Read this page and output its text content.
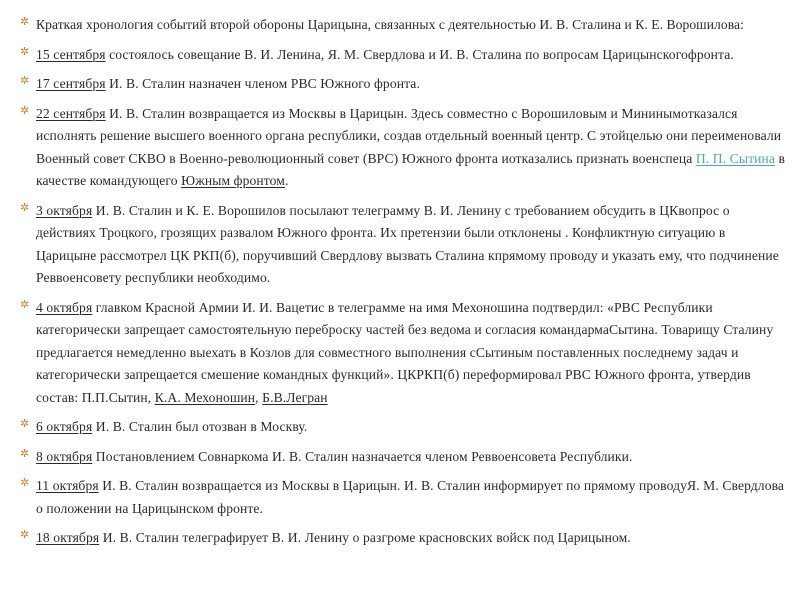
✲ Краткая хронология событий второй обороны Царицына, связанных с деятельностью И. В. Сталина и К. Е. Ворошилова:
✲ 15 сентября состоялось совещание В. И. Ленина, Я. М. Свердлова и И. В. Сталина по вопросам Царицынскогофронта.
✲ 17 сентября И. В. Сталин назначен членом РВС Южного фронта.
✲ 22 сентября И. В. Сталин возвращается из Москвы в Царицын. Здесь совместно с Ворошиловым и Мининымотказался исполнять решение высшего военного органа республики, создав отдельный военный центр. С этойцелью они переименовали Военный совет СКВО в Военно-революционный совет (ВРС) Южного фронта иотказались признать военспеца П. П. Сытина в качестве командующего Южным фронтом.
✲ 3 октября И. В. Сталин и К. Е. Ворошилов посылают телеграмму В. И. Ленину с требованием обсудить в ЦКвопрос о действиях Троцкого, грозящих развалом Южного фронта. Их претензии были отклонены . Конфликтную ситуацию в Царицыне рассмотрел ЦК РКП(б), поручивший Свердлову вызвать Сталина кпрямому проводу и указать ему, что подчинение Реввоенсовету республики необходимо.
✲ 4 октября главком Красной Армии И. И. Вацетис в телеграмме на имя Мехоношина подтвердил: «РВС Республики категорически запрещает самостоятельную переброску частей без ведома и согласия командармаСытина. Товарищу Сталину предлагается немедленно выехать в Козлов для совместного выполнения сСытиным поставленных последнему задач и категорически запрещается смешение командных функций». ЦКРКП(б) переформировал РВС Южного фронта, утвердив состав: П.П.Сытин, К.А. Мехоношин, Б.В.Легран
✲ 6 октября И. В. Сталин был отозван в Москву.
✲ 8 октября Постановлением Совнаркома И. В. Сталин назначается членом Реввоенсовета Республики.
✲ 11 октября И. В. Сталин возвращается из Москвы в Царицын. И. В. Сталин информирует по прямому проводуЯ. М. Свердлова о положении на Царицынском фронте.
✲ 18 октября И. В. Сталин телеграфирует В. И. Ленину о разгроме красновских войск под Царицыном.
